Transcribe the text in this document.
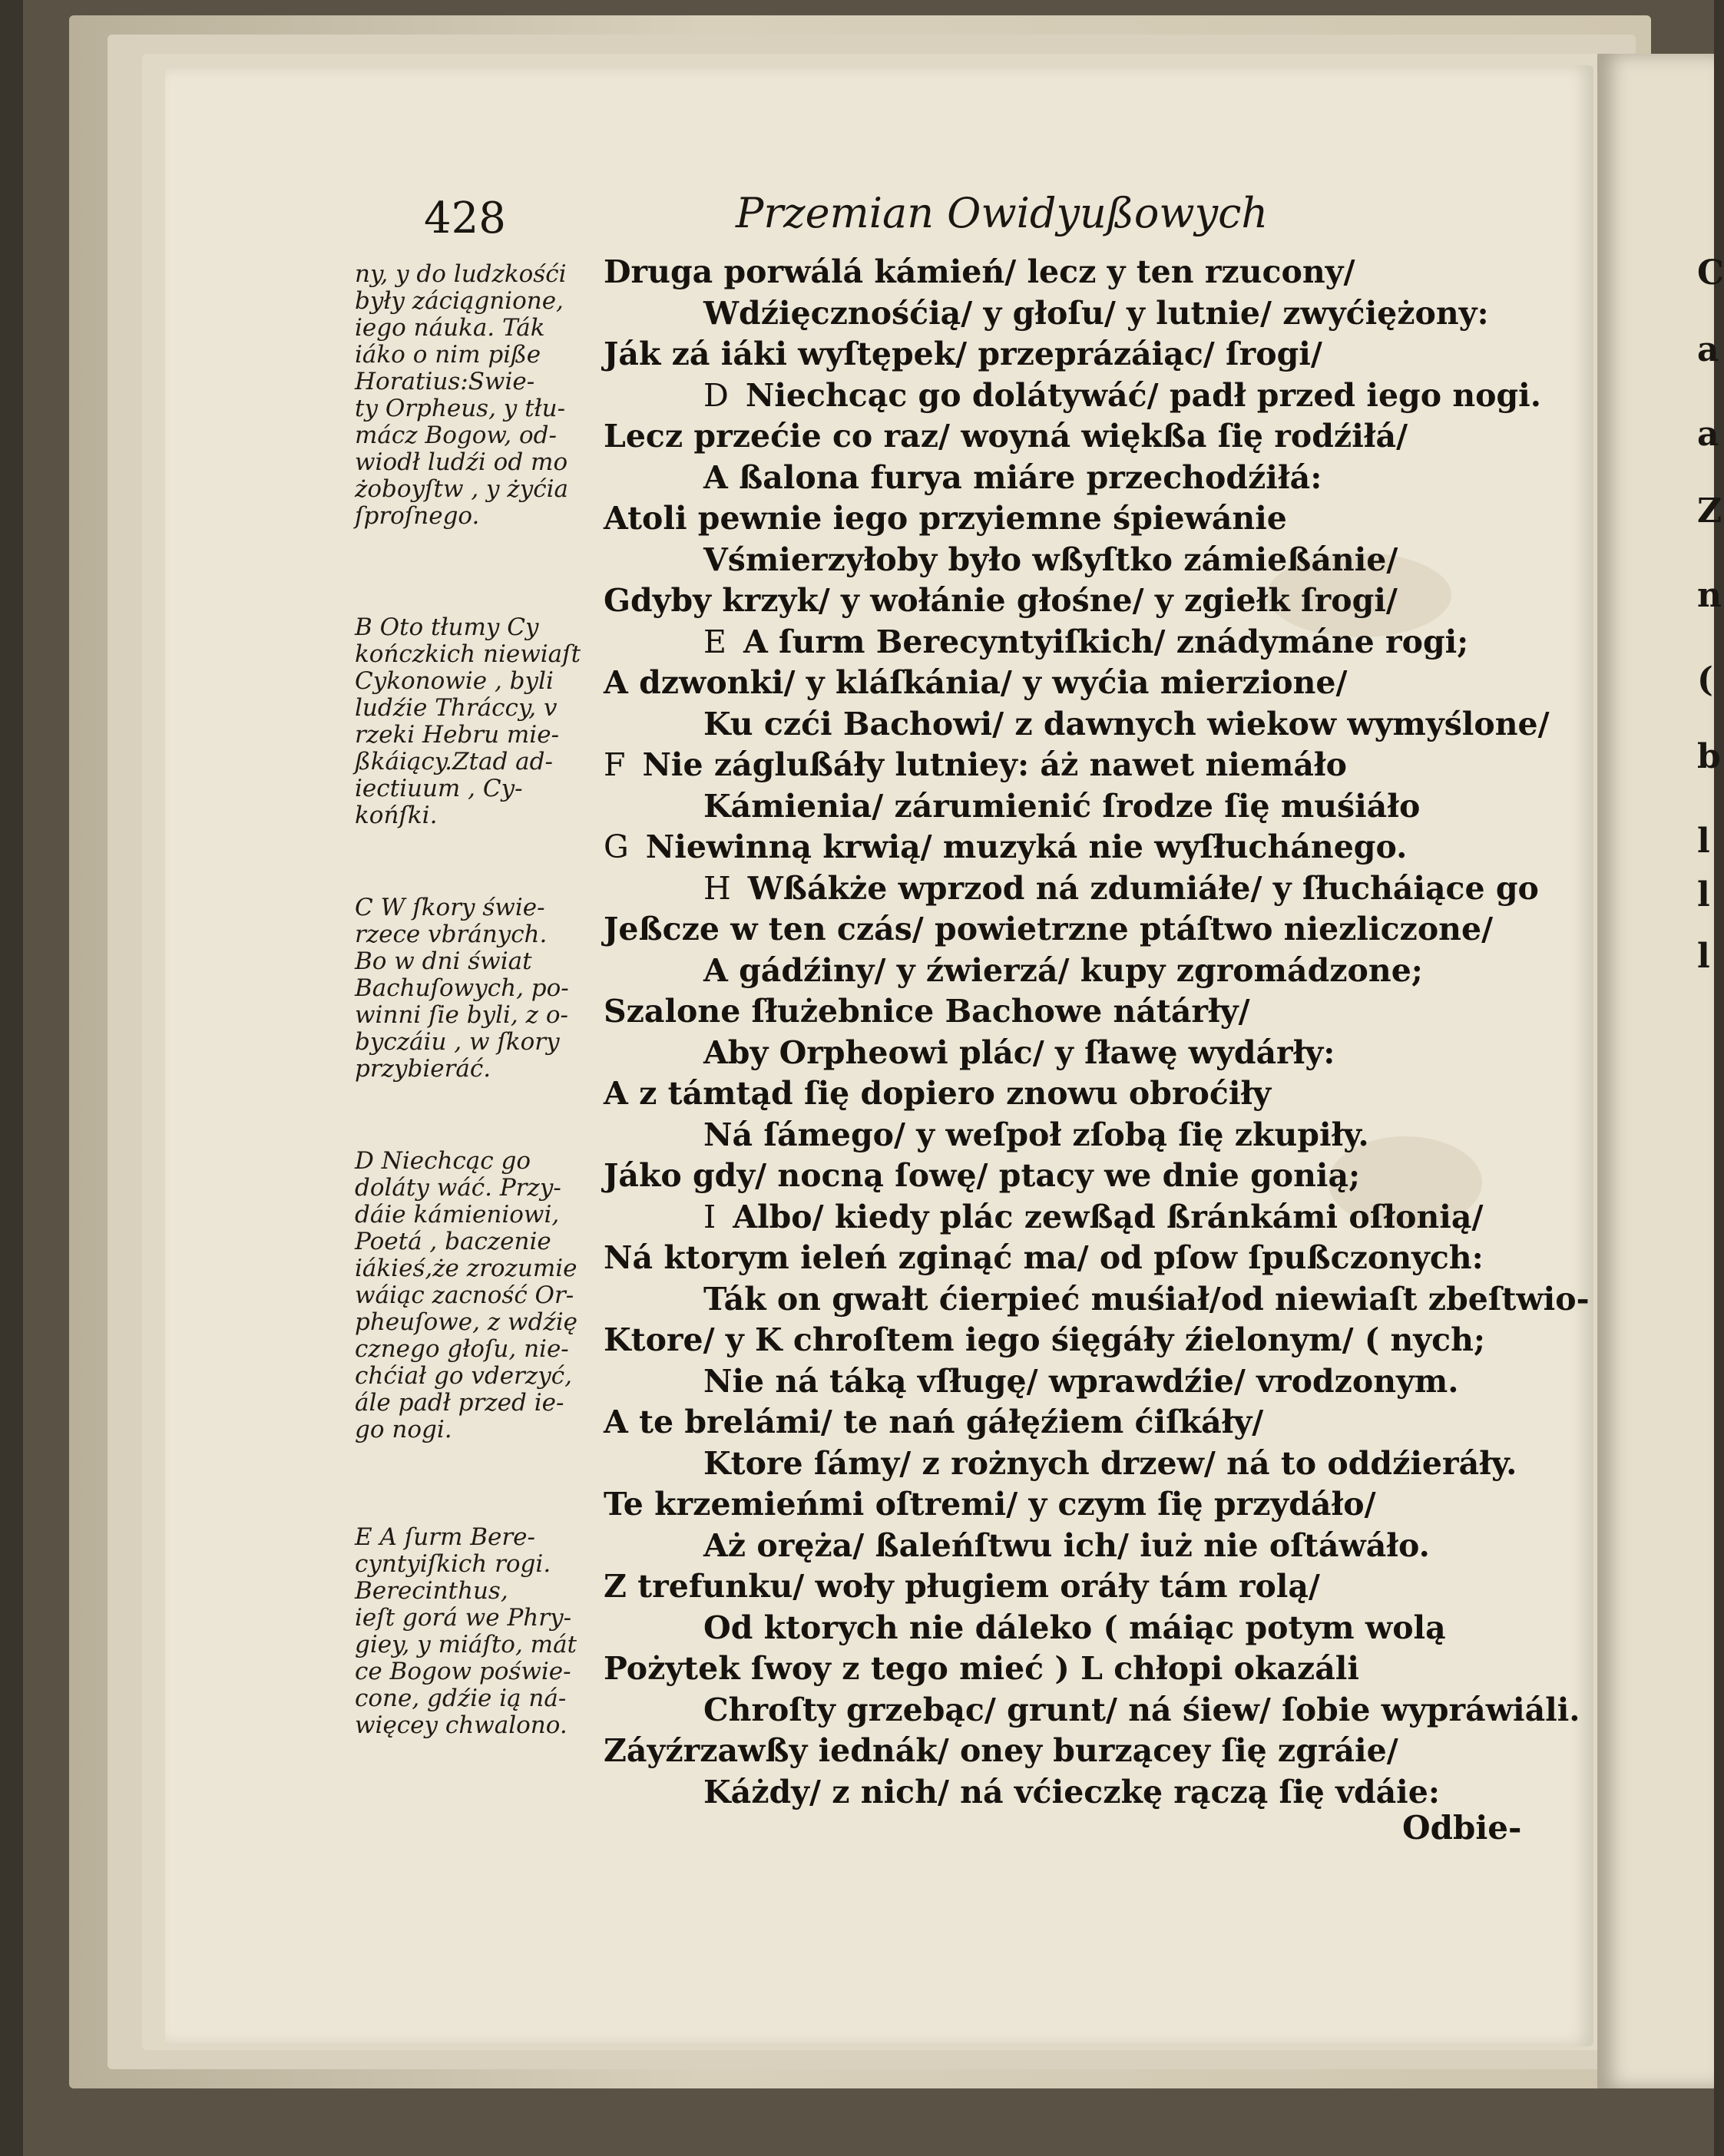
C
a
a
Z
n
(
b
l
l
l
428	Przemian Owidyußowych
ny, y do ludzkośći
były záciągnione,
iego náuka. Ták
iáko o nim piße
Horatius:Swie-
ty Orpheus, y tłu-
mácz Bogow, od-
wiodł ludźi od mo
żoboyſtw , y żyćia
ſproſnego.
B Oto tłumy Cy
kończkich niewiaſt
Cykonowie , byli
ludźie Thráccy, v
rzeki Hebru mie-
ßkáiący.Ztad ad-
iectiuum , Cy-
końſki.
C W ſkory świe-
rzece vbránych.
Bo w dni świat
Bachuſowych, po-
winni ſie byli, z o-
byczáiu , w ſkory
przybieráć.
D Niechcąc go
doláty wáć. Przy-
dáie kámieniowi,
Poetá , baczenie
iákieś,że zrozumie
wáiąc zacność Or-
pheuſowe, z wdźię
cznego głoſu, nie-
chćiał go vderzyć,
ále padł przed ie-
go nogi.
E A ſurm Bere-
cyntyiſkich rogi.
Berecinthus,
ieſt gorá we Phry-
giey, y miáſto, mát
ce Bogow poświe-
cone, gdźie ią ná-
więcey chwalono.
Druga porwálá kámień/ lecz y ten rzucony/
Wdźięcznośćią/ y głoſu/ y lutnie/ zwyćiężony:
Ják zá iáki wyſtępek/ przeprázáiąc/ ſrogi/
D Niechcąc go dolátywáć/ padł przed iego nogi.
Lecz przećie co raz/ woyná więkßa ſię rodźiłá/
A ßalona furya miáre przechodźiłá:
Atoli pewnie iego przyiemne śpiewánie
Vśmierzyłoby było wßyſtko zámießánie/
Gdyby krzyk/ y wołánie głośne/ y zgiełk ſrogi/
E A ſurm Berecyntyiſkich/ znádymáne rogi;
A dzwonki/ y kláſkánia/ y wyćia mierzione/
Ku czći Bachowi/ z dawnych wiekow wymyślone/
F Nie záglußáły lutniey: áż nawet niemáło
Kámienia/ zárumienić ſrodze ſię muśiáło
G Niewinną krwią/ muzyká nie wyſłuchánego.
H Wßákże wprzod ná zdumiáłe/ y ſłucháiące go
Jeßcze w ten czás/ powietrzne ptáſtwo niezliczone/
A gádźiny/ y źwierzá/ kupy zgromádzone;
Szalone ſłużebnice Bachowe nátárły/
Aby Orpheowi plác/ y ſławę wydárły:
A z támtąd ſię dopiero znowu obroćiły
Ná ſámego/ y weſpoł zſobą ſię zkupiły.
Jáko gdy/ nocną ſowę/ ptacy we dnie gonią;
I Albo/ kiedy plác zewßąd ßránkámi oſłonią/
Ná ktorym ieleń zginąć ma/ od pſow ſpußczonych:
Ták on gwałt ćierpieć muśiał/od niewiaſt zbeſtwio-
Ktore/ y K chroſtem iego śięgáły źielonym/ ( nych;
Nie ná táką vſługę/ wprawdźie/ vrodzonym.
A te brelámi/ te nań gáłęźiem ćiſkáły/
Ktore ſámy/ z rożnych drzew/ ná to oddźieráły.
Te krzemieńmi oſtremi/ y czym ſię przydáło/
Aż oręża/ ßaleńſtwu ich/ iuż nie oſtáwáło.
Z trefunku/ woły pługiem oráły tám rolą/
Od ktorych nie dáleko ( máiąc potym wolą
Pożytek ſwoy z tego mieć ) L chłopi okazáli
Chroſty grzebąc/ grunt/ ná śiew/ ſobie wypráwiáli.
Záyźrzawßy iednák/ oney burzącey ſię zgráie/
Káżdy/ z nich/ ná vćieczkę rączą ſię vdáie:
Odbie-
